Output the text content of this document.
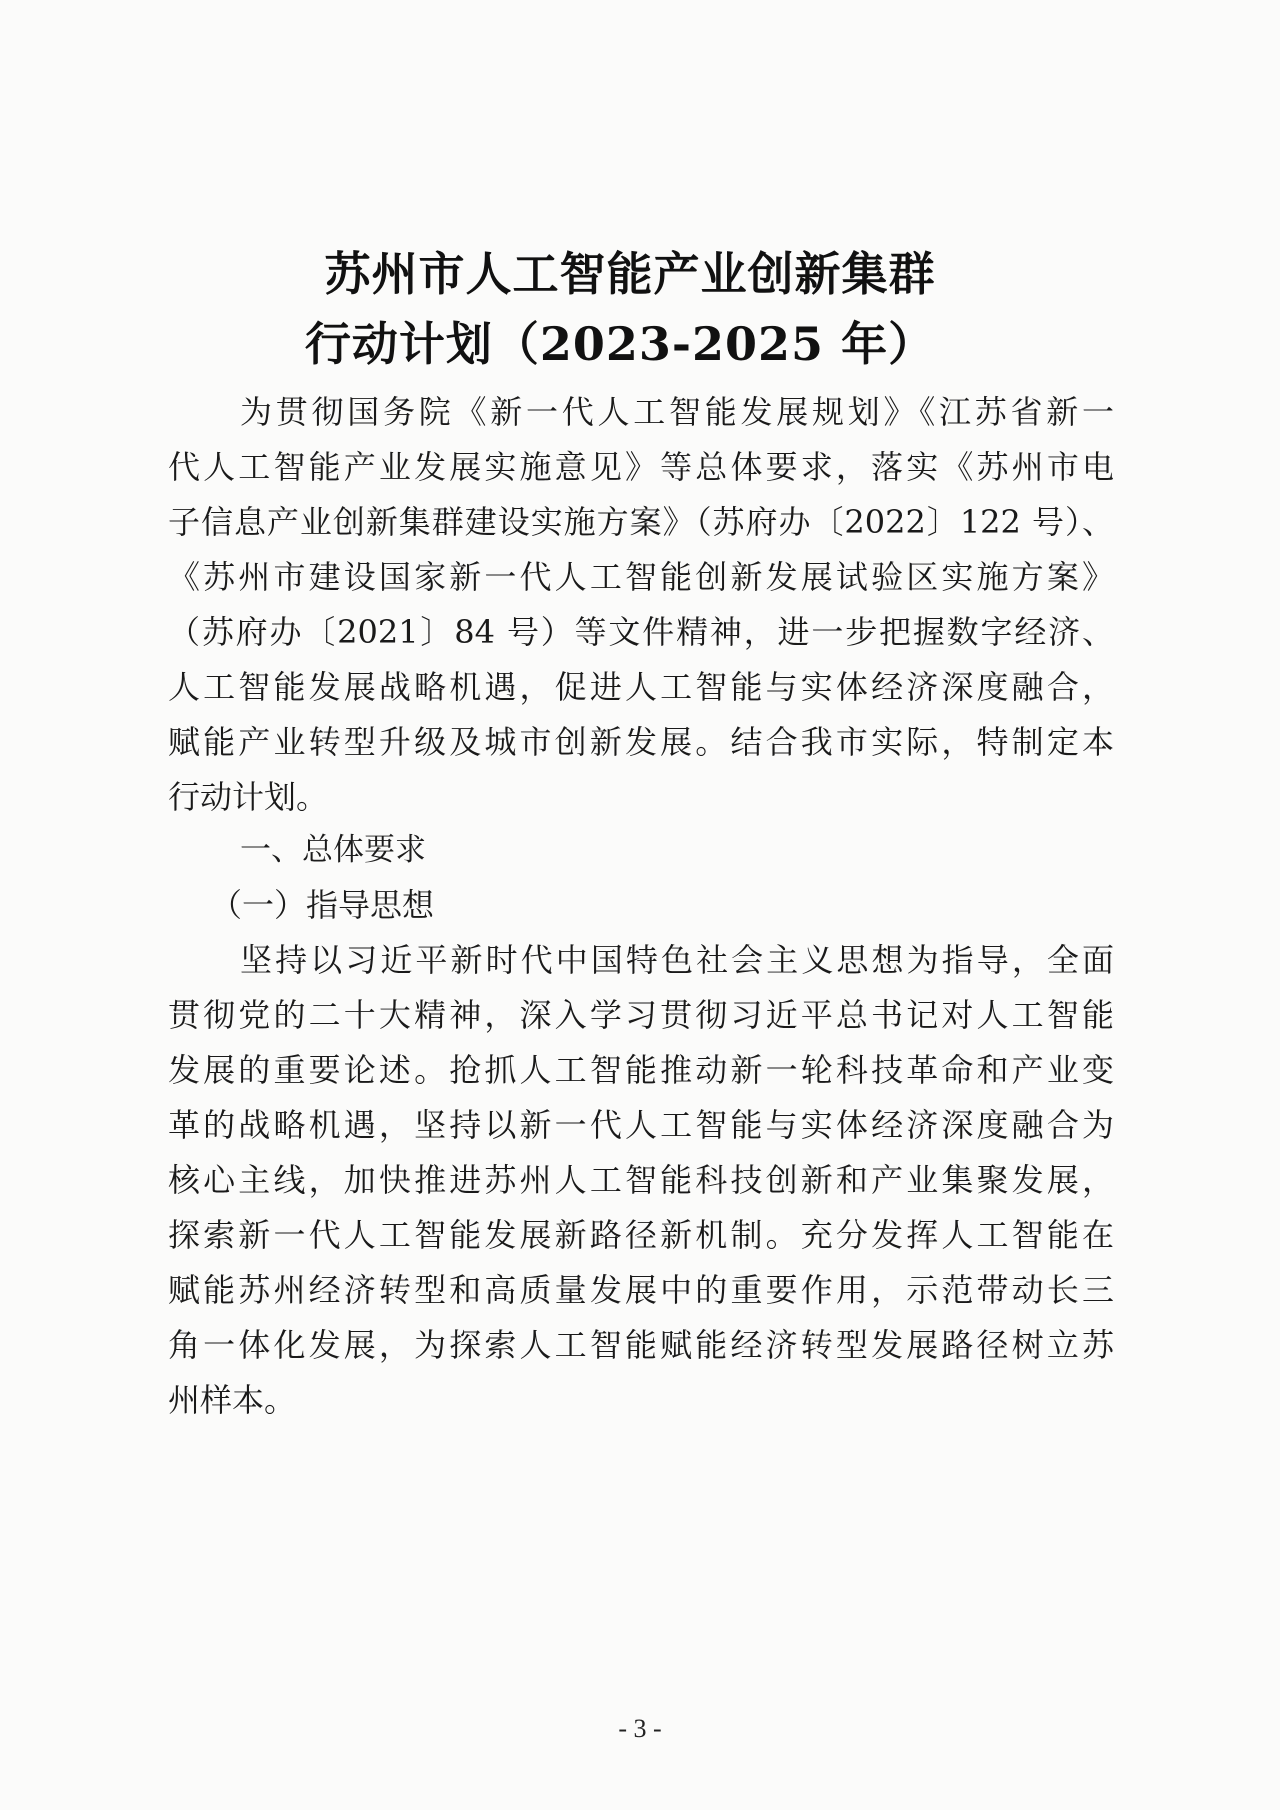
苏州市人工智能产业创新集群
行动计划（2023-2025 年）
为贯彻国务院《新一代人工智能发展规划》《江苏省新一
代人工智能产业发展实施意见》等总体要求，落实《苏州市电
子信息产业创新集群建设实施方案》（苏府办〔2022〕122 号）、
《苏州市建设国家新一代人工智能创新发展试验区实施方案》
（苏府办〔2021〕84 号）等文件精神，进一步把握数字经济、
人工智能发展战略机遇，促进人工智能与实体经济深度融合，
赋能产业转型升级及城市创新发展。结合我市实际，特制定本
行动计划。
一、总体要求
（一）指导思想
坚持以习近平新时代中国特色社会主义思想为指导，全面
贯彻党的二十大精神，深入学习贯彻习近平总书记对人工智能
发展的重要论述。抢抓人工智能推动新一轮科技革命和产业变
革的战略机遇，坚持以新一代人工智能与实体经济深度融合为
核心主线，加快推进苏州人工智能科技创新和产业集聚发展，
探索新一代人工智能发展新路径新机制。充分发挥人工智能在
赋能苏州经济转型和高质量发展中的重要作用，示范带动长三
角一体化发展，为探索人工智能赋能经济转型发展路径树立苏
州样本。
- 3 -
